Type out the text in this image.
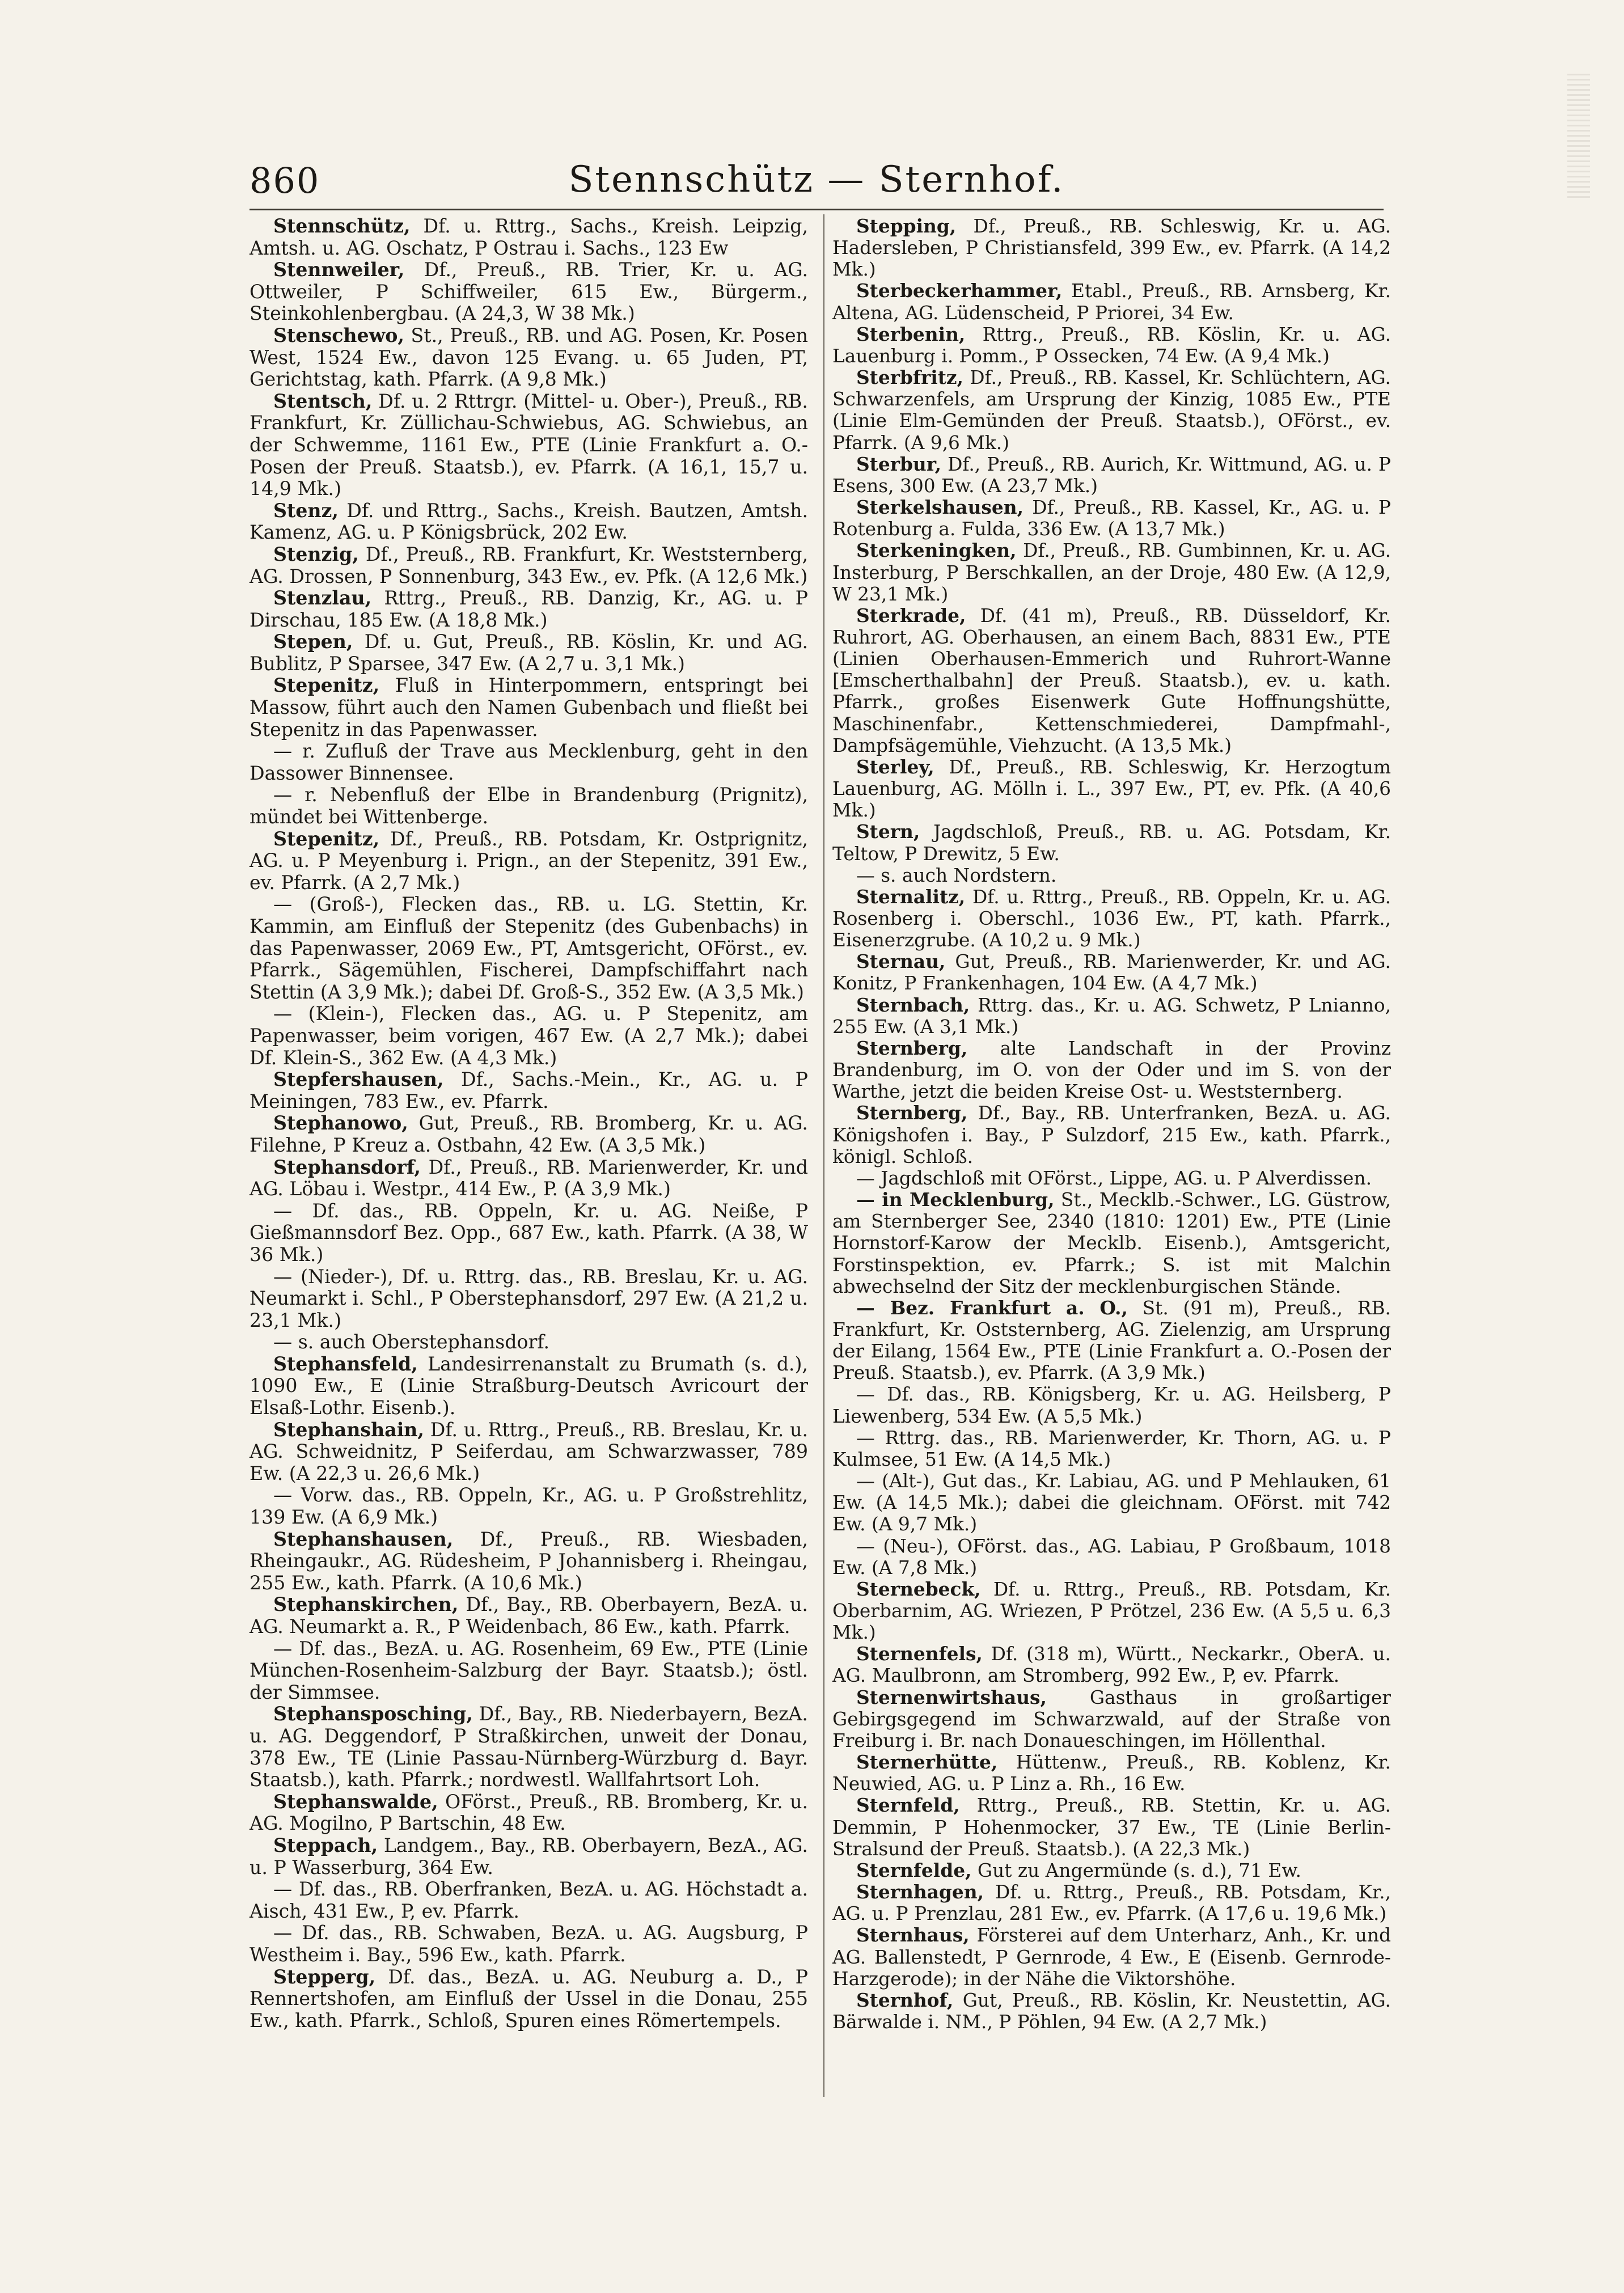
860	Stennschütz — Sternhof.

Stennschütz, Df. u. Rttrg., Sachs., Kreish. Leipzig, Amtsh. u. AG. Oschatz, P Ostrau i. Sachs., 123 Ew

Stennweiler, Df., Preuß., RB. Trier, Kr. u. AG. Ottweiler, P Schiffweiler, 615 Ew., Bürgerm., Steinkohlenbergbau. (A 24,3, W 38 Mk.)

Stenschewo, St., Preuß., RB. und AG. Posen, Kr. Posen West, 1524 Ew., davon 125 Evang. u. 65 Juden, PT, Gerichtstag, kath. Pfarrk. (A 9,8 Mk.)

Stentsch, Df. u. 2 Rttrgr. (Mittel- u. Ober-), Preuß., RB. Frankfurt, Kr. Züllichau-Schwiebus, AG. Schwiebus, an der Schwemme, 1161 Ew., PTE (Linie Frankfurt a. O.-Posen der Preuß. Staatsb.), ev. Pfarrk. (A 16,1, 15,7 u. 14,9 Mk.)

Stenz, Df. und Rttrg., Sachs., Kreish. Bautzen, Amtsh. Kamenz, AG. u. P Königsbrück, 202 Ew.

Stenzig, Df., Preuß., RB. Frankfurt, Kr. Weststernberg, AG. Drossen, P Sonnenburg, 343 Ew., ev. Pfk. (A 12,6 Mk.)

Stenzlau, Rttrg., Preuß., RB. Danzig, Kr., AG. u. P Dirschau, 185 Ew. (A 18,8 Mk.)

Stepen, Df. u. Gut, Preuß., RB. Köslin, Kr. und AG. Bublitz, P Sparsee, 347 Ew. (A 2,7 u. 3,1 Mk.)

Stepenitz, Fluß in Hinterpommern, entspringt bei Massow, führt auch den Namen Gubenbach und fließt bei Stepenitz in das Papenwasser.

— r. Zufluß der Trave aus Mecklenburg, geht in den Dassower Binnensee.

— r. Nebenfluß der Elbe in Brandenburg (Prignitz), mündet bei Wittenberge.

Stepenitz, Df., Preuß., RB. Potsdam, Kr. Ostprignitz, AG. u. P Meyenburg i. Prign., an der Stepenitz, 391 Ew., ev. Pfarrk. (A 2,7 Mk.)

— (Groß-), Flecken das., RB. u. LG. Stettin, Kr. Kammin, am Einfluß der Stepenitz (des Gubenbachs) in das Papenwasser, 2069 Ew., PT, Amtsgericht, OFörst., ev. Pfarrk., Sägemühlen, Fischerei, Dampfschiffahrt nach Stettin (A 3,9 Mk.); dabei Df. Groß-S., 352 Ew. (A 3,5 Mk.)

— (Klein-), Flecken das., AG. u. P Stepenitz, am Papenwasser, beim vorigen, 467 Ew. (A 2,7 Mk.); dabei Df. Klein-S., 362 Ew. (A 4,3 Mk.)

Stepfershausen, Df., Sachs.-Mein., Kr., AG. u. P Meiningen, 783 Ew., ev. Pfarrk.

Stephanowo, Gut, Preuß., RB. Bromberg, Kr. u. AG. Filehne, P Kreuz a. Ostbahn, 42 Ew. (A 3,5 Mk.)

Stephansdorf, Df., Preuß., RB. Marienwerder, Kr. und AG. Löbau i. Westpr., 414 Ew., P. (A 3,9 Mk.)

— Df. das., RB. Oppeln, Kr. u. AG. Neiße, P Gießmannsdorf Bez. Opp., 687 Ew., kath. Pfarrk. (A 38, W 36 Mk.)

— (Nieder-), Df. u. Rttrg. das., RB. Breslau, Kr. u. AG. Neumarkt i. Schl., P Oberstephansdorf, 297 Ew. (A 21,2 u. 23,1 Mk.)

— s. auch Oberstephansdorf.

Stephansfeld, Landesirrenanstalt zu Brumath (s. d.), 1090 Ew., E (Linie Straßburg-Deutsch Avricourt der Elsaß-Lothr. Eisenb.).

Stephanshain, Df. u. Rttrg., Preuß., RB. Breslau, Kr. u. AG. Schweidnitz, P Seiferdau, am Schwarzwasser, 789 Ew. (A 22,3 u. 26,6 Mk.)

— Vorw. das., RB. Oppeln, Kr., AG. u. P Großstrehlitz, 139 Ew. (A 6,9 Mk.)

Stephanshausen, Df., Preuß., RB. Wiesbaden, Rheingaukr., AG. Rüdesheim, P Johannisberg i. Rheingau, 255 Ew., kath. Pfarrk. (A 10,6 Mk.)

Stephanskirchen, Df., Bay., RB. Oberbayern, BezA. u. AG. Neumarkt a. R., P Weidenbach, 86 Ew., kath. Pfarrk.

— Df. das., BezA. u. AG. Rosenheim, 69 Ew., PTE (Linie München-Rosenheim-Salzburg der Bayr. Staatsb.); östl. der Simmsee.

Stephansposching, Df., Bay., RB. Niederbayern, BezA. u. AG. Deggendorf, P Straßkirchen, unweit der Donau, 378 Ew., TE (Linie Passau-Nürnberg-Würzburg d. Bayr. Staatsb.), kath. Pfarrk.; nordwestl. Wallfahrtsort Loh.

Stephanswalde, OFörst., Preuß., RB. Bromberg, Kr. u. AG. Mogilno, P Bartschin, 48 Ew.

Steppach, Landgem., Bay., RB. Oberbayern, BezA., AG. u. P Wasserburg, 364 Ew.

— Df. das., RB. Oberfranken, BezA. u. AG. Höchstadt a. Aisch, 431 Ew., P, ev. Pfarrk.

— Df. das., RB. Schwaben, BezA. u. AG. Augsburg, P Westheim i. Bay., 596 Ew., kath. Pfarrk.

Stepperg, Df. das., BezA. u. AG. Neuburg a. D., P Rennertshofen, am Einfluß der Ussel in die Donau, 255 Ew., kath. Pfarrk., Schloß, Spuren eines Römertempels.

Stepping, Df., Preuß., RB. Schleswig, Kr. u. AG. Hadersleben, P Christiansfeld, 399 Ew., ev. Pfarrk. (A 14,2 Mk.)

Sterbeckerhammer, Etabl., Preuß., RB. Arnsberg, Kr. Altena, AG. Lüdenscheid, P Priorei, 34 Ew.

Sterbenin, Rttrg., Preuß., RB. Köslin, Kr. u. AG. Lauenburg i. Pomm., P Ossecken, 74 Ew. (A 9,4 Mk.)

Sterbfritz, Df., Preuß., RB. Kassel, Kr. Schlüchtern, AG. Schwarzenfels, am Ursprung der Kinzig, 1085 Ew., PTE (Linie Elm-Gemünden der Preuß. Staatsb.), OFörst., ev. Pfarrk. (A 9,6 Mk.)

Sterbur, Df., Preuß., RB. Aurich, Kr. Wittmund, AG. u. P Esens, 300 Ew. (A 23,7 Mk.)

Sterkelshausen, Df., Preuß., RB. Kassel, Kr., AG. u. P Rotenburg a. Fulda, 336 Ew. (A 13,7 Mk.)

Sterkeningken, Df., Preuß., RB. Gumbinnen, Kr. u. AG. Insterburg, P Berschkallen, an der Droje, 480 Ew. (A 12,9, W 23,1 Mk.)

Sterkrade, Df. (41 m), Preuß., RB. Düsseldorf, Kr. Ruhrort, AG. Oberhausen, an einem Bach, 8831 Ew., PTE (Linien Oberhausen-Emmerich und Ruhrort-Wanne [Emscherthalbahn] der Preuß. Staatsb.), ev. u. kath. Pfarrk., großes Eisenwerk Gute Hoffnungshütte, Maschinenfabr., Kettenschmiederei, Dampfmahl-, Dampfsägemühle, Viehzucht. (A 13,5 Mk.)

Sterley, Df., Preuß., RB. Schleswig, Kr. Herzogtum Lauenburg, AG. Mölln i. L., 397 Ew., PT, ev. Pfk. (A 40,6 Mk.)

Stern, Jagdschloß, Preuß., RB. u. AG. Potsdam, Kr. Teltow, P Drewitz, 5 Ew.

— s. auch Nordstern.

Sternalitz, Df. u. Rttrg., Preuß., RB. Oppeln, Kr. u. AG. Rosenberg i. Oberschl., 1036 Ew., PT, kath. Pfarrk., Eisenerzgrube. (A 10,2 u. 9 Mk.)

Sternau, Gut, Preuß., RB. Marienwerder, Kr. und AG. Konitz, P Frankenhagen, 104 Ew. (A 4,7 Mk.)

Sternbach, Rttrg. das., Kr. u. AG. Schwetz, P Lnianno, 255 Ew. (A 3,1 Mk.)

Sternberg, alte Landschaft in der Provinz Brandenburg, im O. von der Oder und im S. von der Warthe, jetzt die beiden Kreise Ost- u. Weststernberg.

Sternberg, Df., Bay., RB. Unterfranken, BezA. u. AG. Königshofen i. Bay., P Sulzdorf, 215 Ew., kath. Pfarrk., königl. Schloß.

— Jagdschloß mit OFörst., Lippe, AG. u. P Alverdissen.

— in Mecklenburg, St., Mecklb.-Schwer., LG. Güstrow, am Sternberger See, 2340 (1810: 1201) Ew., PTE (Linie Hornstorf-Karow der Mecklb. Eisenb.), Amtsgericht, Forstinspektion, ev. Pfarrk.; S. ist mit Malchin abwechselnd der Sitz der mecklenburgischen Stände.

— Bez. Frankfurt a. O., St. (91 m), Preuß., RB. Frankfurt, Kr. Oststernberg, AG. Zielenzig, am Ursprung der Eilang, 1564 Ew., PTE (Linie Frankfurt a. O.-Posen der Preuß. Staatsb.), ev. Pfarrk. (A 3,9 Mk.)

— Df. das., RB. Königsberg, Kr. u. AG. Heilsberg, P Liewenberg, 534 Ew. (A 5,5 Mk.)

— Rttrg. das., RB. Marienwerder, Kr. Thorn, AG. u. P Kulmsee, 51 Ew. (A 14,5 Mk.)

— (Alt-), Gut das., Kr. Labiau, AG. und P Mehlauken, 61 Ew. (A 14,5 Mk.); dabei die gleichnam. OFörst. mit 742 Ew. (A 9,7 Mk.)

— (Neu-), OFörst. das., AG. Labiau, P Großbaum, 1018 Ew. (A 7,8 Mk.)

Sternebeck, Df. u. Rttrg., Preuß., RB. Potsdam, Kr. Oberbarnim, AG. Wriezen, P Prötzel, 236 Ew. (A 5,5 u. 6,3 Mk.)

Sternenfels, Df. (318 m), Württ., Neckarkr., OberA. u. AG. Maulbronn, am Stromberg, 992 Ew., P, ev. Pfarrk.

Sternenwirtshaus, Gasthaus in großartiger Gebirgsgegend im Schwarzwald, auf der Straße von Freiburg i. Br. nach Donaueschingen, im Höllenthal.

Sternerhütte, Hüttenw., Preuß., RB. Koblenz, Kr. Neuwied, AG. u. P Linz a. Rh., 16 Ew.

Sternfeld, Rttrg., Preuß., RB. Stettin, Kr. u. AG. Demmin, P Hohenmocker, 37 Ew., TE (Linie Berlin-Stralsund der Preuß. Staatsb.). (A 22,3 Mk.)

Sternfelde, Gut zu Angermünde (s. d.), 71 Ew.

Sternhagen, Df. u. Rttrg., Preuß., RB. Potsdam, Kr., AG. u. P Prenzlau, 281 Ew., ev. Pfarrk. (A 17,6 u. 19,6 Mk.)

Sternhaus, Försterei auf dem Unterharz, Anh., Kr. und AG. Ballenstedt, P Gernrode, 4 Ew., E (Eisenb. Gernrode-Harzgerode); in der Nähe die Viktorshöhe.

Sternhof, Gut, Preuß., RB. Köslin, Kr. Neustettin, AG. Bärwalde i. NM., P Pöhlen, 94 Ew. (A 2,7 Mk.)
